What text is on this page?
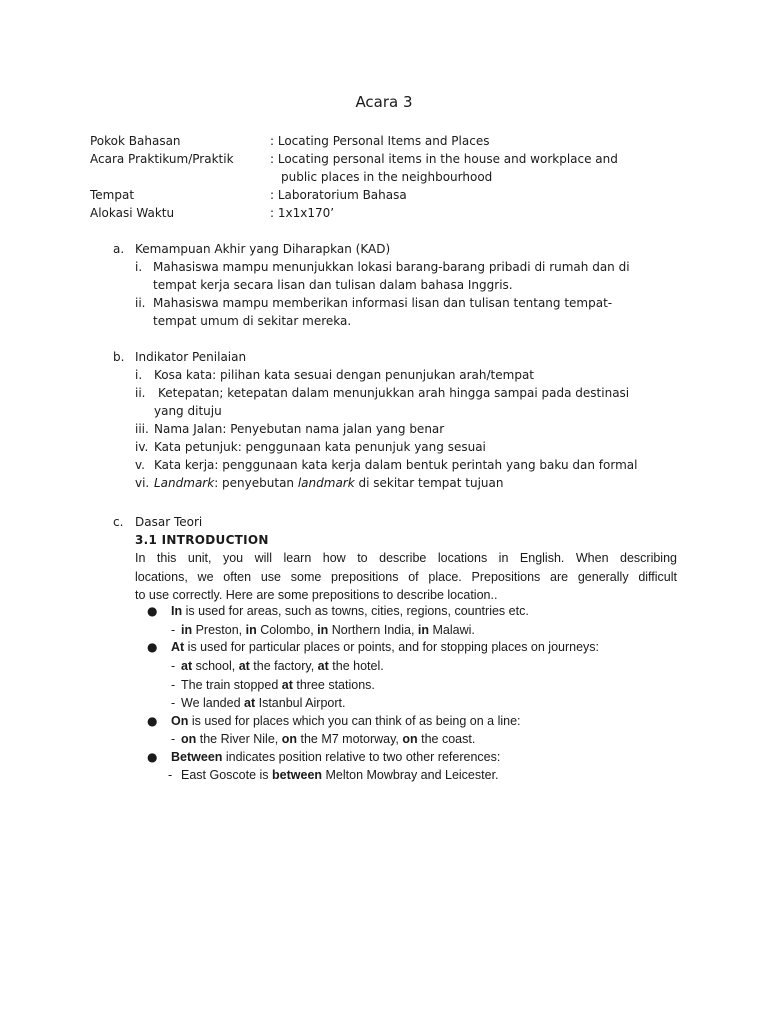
Acara 3
Pokok Bahasan	: Locating Personal Items and Places
Acara Praktikum/Praktik	: Locating personal items in the house and workplace and
public places in the neighbourhood
Tempat	: Laboratorium Bahasa
Alokasi Waktu	: 1x1x170’
a. Kemampuan Akhir yang Diharapkan (KAD)
i. Mahasiswa mampu menunjukkan lokasi barang-barang pribadi di rumah dan di
tempat kerja secara lisan dan tulisan dalam bahasa Inggris.
ii. Mahasiswa mampu memberikan informasi lisan dan tulisan tentang tempat-
tempat umum di sekitar mereka.
b. Indikator Penilaian
i. Kosa kata: pilihan kata sesuai dengan penunjukan arah/tempat
ii. Ketepatan; ketepatan dalam menunjukkan arah hingga sampai pada destinasi
yang dituju
iii. Nama Jalan: Penyebutan nama jalan yang benar
iv. Kata petunjuk: penggunaan kata penunjuk yang sesuai
v. Kata kerja: penggunaan kata kerja dalam bentuk perintah yang baku dan formal
vi. Landmark: penyebutan landmark di sekitar tempat tujuan
c. Dasar Teori
3.1 INTRODUCTION
In this unit, you will learn how to describe locations in English. When describing
locations, we often use some prepositions of place. Prepositions are generally difficult
to use correctly. Here are some prepositions to describe location..
● In is used for areas, such as towns, cities, regions, countries etc.
- in Preston, in Colombo, in Northern India, in Malawi.
● At is used for particular places or points, and for stopping places on journeys:
- at school, at the factory, at the hotel.
- The train stopped at three stations.
- We landed at Istanbul Airport.
● On is used for places which you can think of as being on a line:
- on the River Nile, on the M7 motorway, on the coast.
● Between indicates position relative to two other references:
- East Goscote is between Melton Mowbray and Leicester.
